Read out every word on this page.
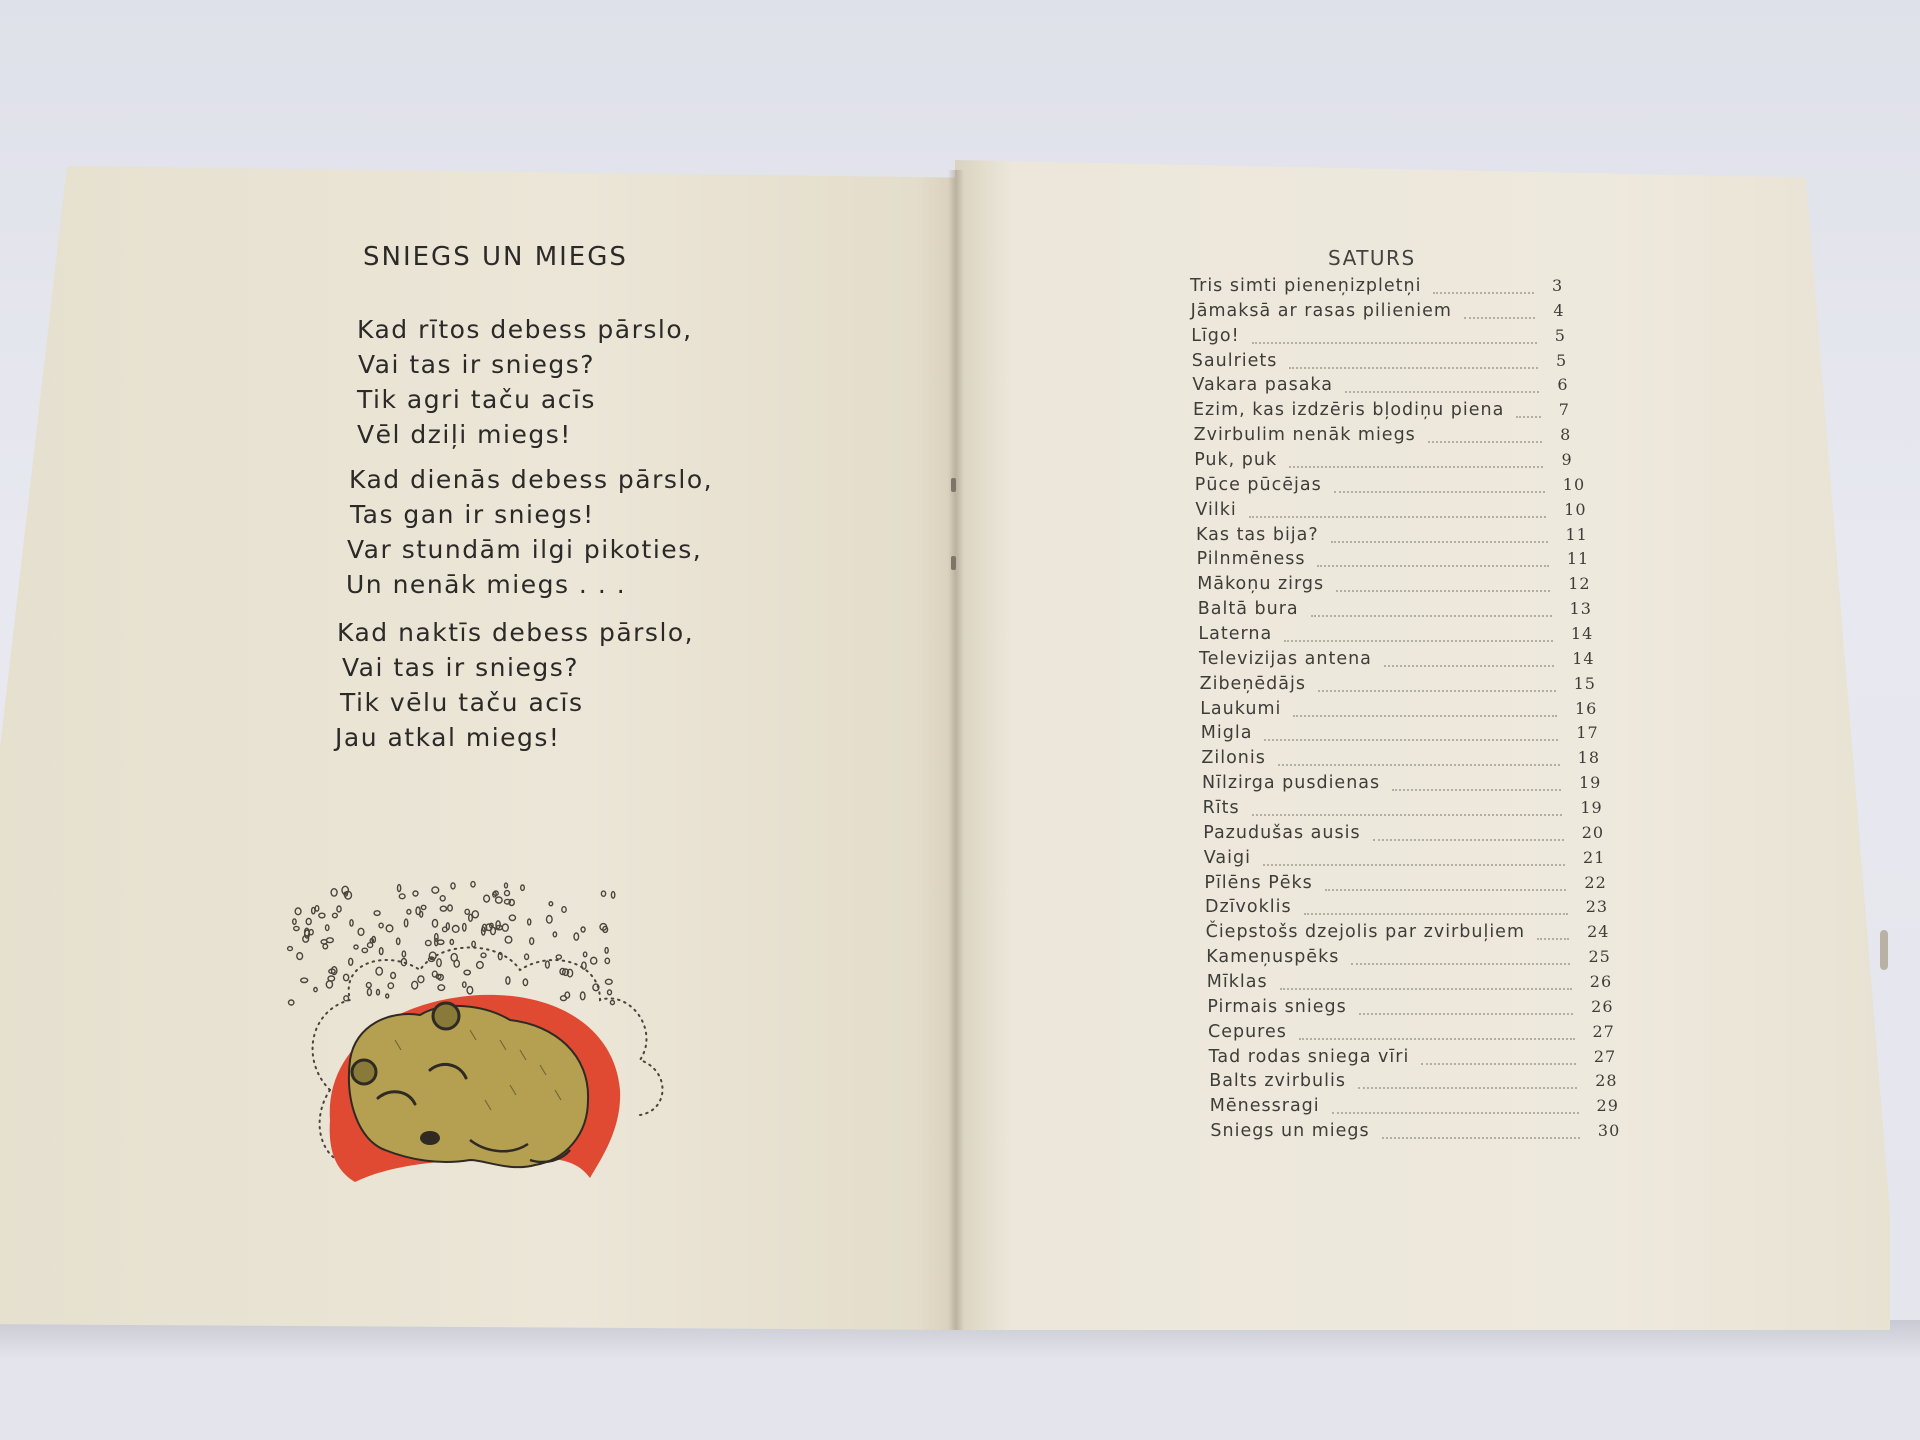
SNIEGS UN MIEGS
Kad rītos debess pārslo,
Vai tas ir sniegs?
Tik agri taču acīs
Vēl dziļi miegs!
Kad dienās debess pārslo,
Tas gan ir sniegs!
Var stundām ilgi pikoties,
Un nenāk miegs . . .
Kad naktīs debess pārslo,
Vai tas ir sniegs?
Tik vēlu taču acīs
Jau atkal miegs!
SATURS
Tris simti pieneņizpletņi	3
Jāmaksā ar rasas pilieniem	4
Līgo!	5
Saulriets	5
Vakara pasaka	6
Ezim, kas izdzēris bļodiņu piena	7
Zvirbulim nenāk miegs	8
Puk, puk	9
Pūce pūcējas	10
Vilki	10
Kas tas bija?	11
Pilnmēness	11
Mākoņu zirgs	12
Baltā bura	13
Laterna	14
Televizijas antena	14
Zibeņēdājs	15
Laukumi	16
Migla	17
Zilonis	18
Nīlzirga pusdienas	19
Rīts	19
Pazudušas ausis	20
Vaigi	21
Pīlēns Pēks	22
Dzīvoklis	23
Čiepstošs dzejolis par zvirbuļiem	24
Kameņuspēks	25
Mīklas	26
Pirmais sniegs	26
Cepures	27
Tad rodas sniega vīri	27
Balts zvirbulis	28
Mēnessragi	29
Sniegs un miegs	30
